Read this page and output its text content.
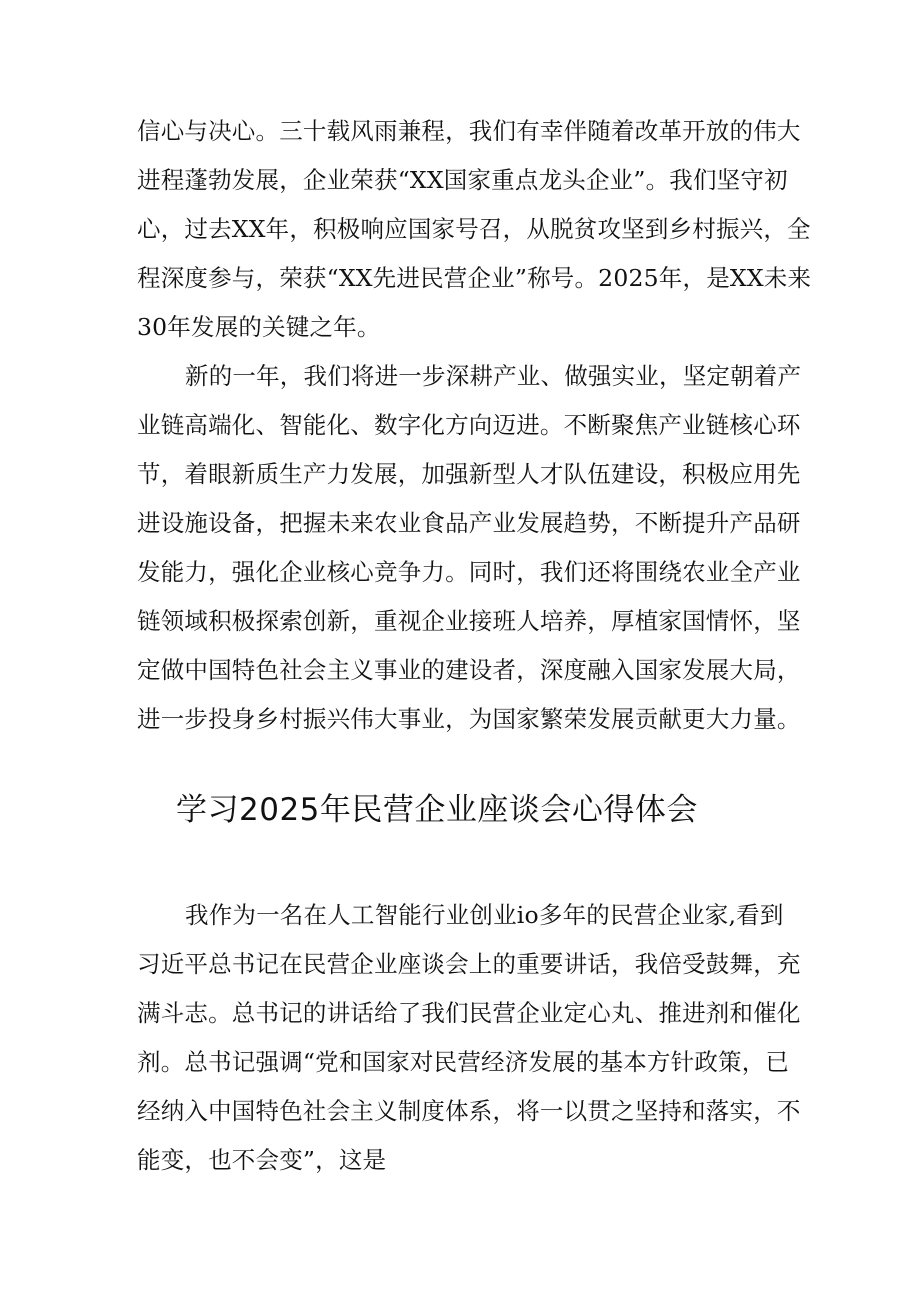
信心与决心。三十载风雨兼程，我们有幸伴随着改革开放的伟大
进程蓬勃发展，企业荣获“XX国家重点龙头企业”。我们坚守初
心，过去XX年，积极响应国家号召，从脱贫攻坚到乡村振兴，全
程深度参与，荣获“XX先进民营企业”称号。2025年，是XX未来
30年发展的关键之年。
新的一年，我们将进一步深耕产业、做强实业，坚定朝着产
业链高端化、智能化、数字化方向迈进。不断聚焦产业链核心环
节，着眼新质生产力发展，加强新型人才队伍建设，积极应用先
进设施设备，把握未来农业食品产业发展趋势，不断提升产品研
发能力，强化企业核心竞争力。同时，我们还将围绕农业全产业
链领域积极探索创新，重视企业接班人培养，厚植家国情怀，坚
定做中国特色社会主义事业的建设者，深度融入国家发展大局，
进一步投身乡村振兴伟大事业，为国家繁荣发展贡献更大力量。
学习2025年民营企业座谈会心得体会
我作为一名在人工智能行业创业io多年的民营企业家,看到
习近平总书记在民营企业座谈会上的重要讲话，我倍受鼓舞，充
满斗志。总书记的讲话给了我们民营企业定心丸、推进剂和催化
剂。总书记强调“党和国家对民营经济发展的基本方针政策，已
经纳入中国特色社会主义制度体系，将一以贯之坚持和落实，不
能变，也不会变”，这是
